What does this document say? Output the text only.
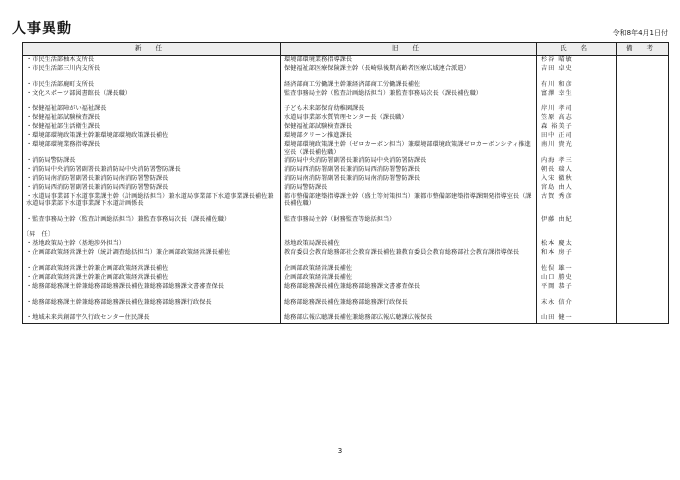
人事異動	令和8年4月1日付
新 任	旧 任	氏 名	備 考
・市民生活部柚木支所長	環境部環境業務指導課長	杉谷 晴敏	
・市民生活部三川内支所長	保健福祉部医療保険課主幹（長崎県後期高齢者医療広域連合派遣）	吉田 卓史	
・市民生活部鹿町支所長	経済部商工労働課主幹兼経済部商工労働課長補佐	有川 和彦	
・文化スポーツ部図書館長（課長職）	監査事務局主幹（監査計画総括担当）兼監査事務局次長（課長補佐職）	富澤 幸生	
・保健福祉部障がい福祉課長	子ども未来部保育幼稚園課長	岸川 孝司	
・保健福祉部試験検査課長	水道局事業部水質管理センター長（課長職）	笠原 高志	
・保健福祉部生活衛生課長	保健福祉部試験検査課長	森 裕美子	
・環境部環境政策課主幹兼環境部環境政策課長補佐	環境部クリーン推進課長	田中 正司	
・環境部環境業務指導課長	環境部環境政策課主幹（ゼロカーボン担当）兼環境部環境政策課ゼロカーボンシティ推進室長（課長補佐職）	南川 貴光	
・消防局警防課長	消防局中央消防署副署長兼消防局中央消防署防課長	内海 孝三	
・消防局中央消防署副署長兼消防局中央消防署警防課長	消防局西消防署副署長兼消防局西消防署警防課長	朝長 瑞人	
・消防局南消防署副署長兼消防局南消防署警防課長	消防局南消防署副署長兼消防局南消防署警防課長	入宋 徹秋	
・消防局西消防署副署長兼消防局西消防署警防課長	消防局警防課長	宮島 由人	
・水道局事業部下水道事業課主幹（計画総括担当）兼水道局事業部下水道事業課長補佐兼水道局事業部下水道事業課下水道計画係長	都市整備部建築指導課主幹（盛土等対策担当）兼都市整備部建築指導課開発指導室長（課長補佐職）	古賀 秀彦	
・監査事務局主幹（監査計画総括担当）兼監査事務局次長（課長補佐職）	監査事務局主幹（財務監査等総括担当）	伊藤 由紀	
〔昇　任〕			
・基地政策局主幹（基地渉外担当）	基地政策局課長補佐	松本 慶太	
・企画部政策経営課主幹（統計調査総括担当）兼企画部政策経営課長補佐	教育委員会教育総務部社会教育課長補佐兼教育委員会教育総務部社会教育課指導保長	和本 房子	
・企画部政策経営課主幹兼企画部政策経営課長補佐	企画部政策経営課長補佐	佐俣 雄一	
・企画部政策経営課主幹兼企画部政策経営課長補佐	企画部政策経営課長補佐	山口 勝史	
・総務部総務課主幹兼総務部総務課長補佐兼総務部総務課文書審査保長	総務部総務課長補佐兼総務部総務課文書審査保長	平岡 恭子	
・総務部総務課主幹兼総務部総務課長補佐兼総務部総務課行政保長	総務部総務課長補佐兼総務部総務課行政保長	末永 信介	
・地域未来共創部宇久行政センター住民課長	総務部広報広聴課長補佐兼総務部広報広聴課広報保長	山田 健一	
3
